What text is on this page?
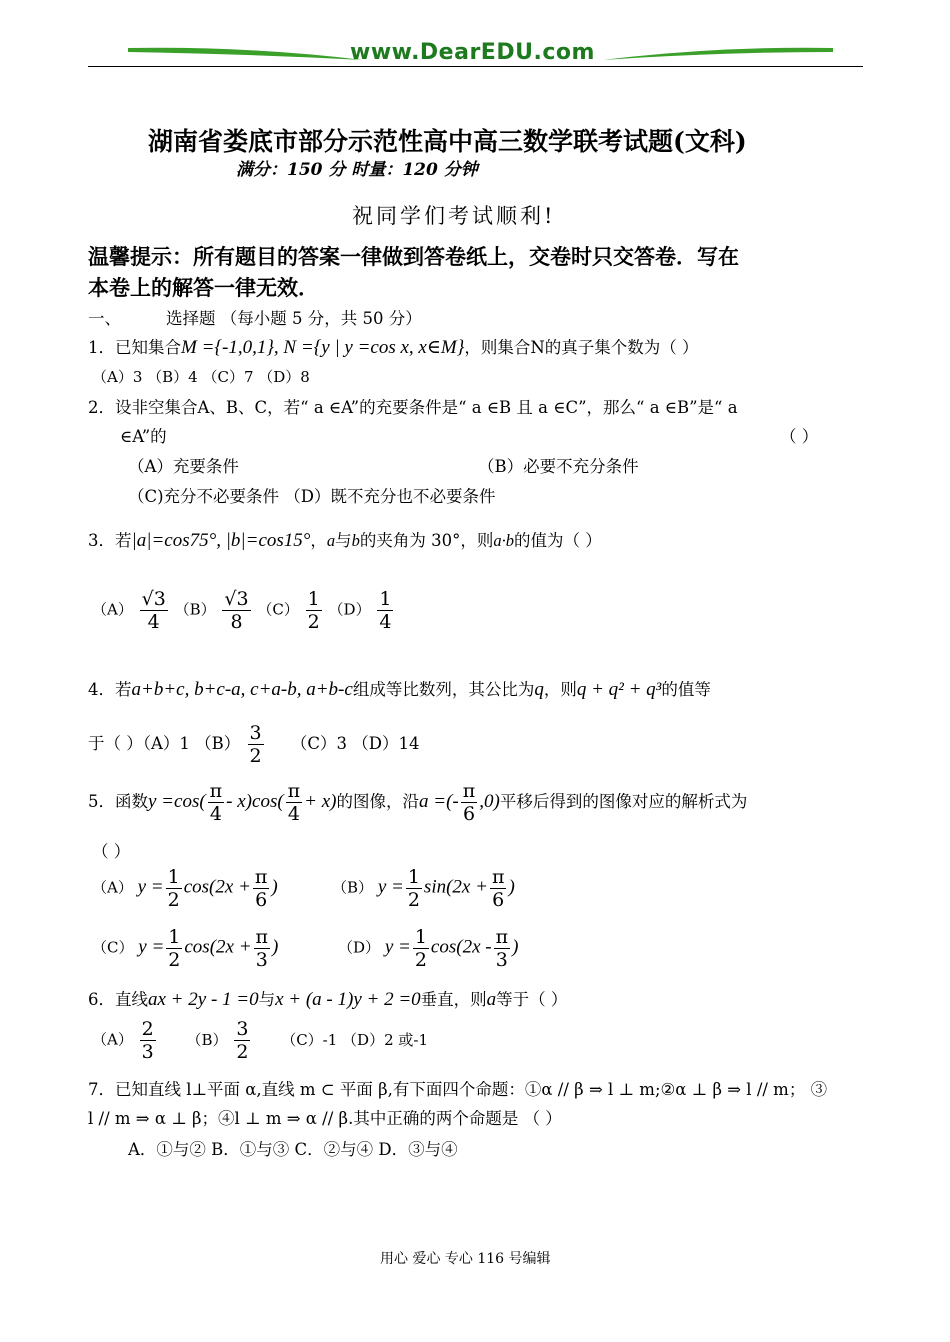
www.DearEDU.com
湖南省娄底市部分示范性高中高三数学联考试题(文科)
满分：150 分 时量：120 分钟
祝同学们考试顺利!
温馨提示：所有题目的答案一律做到答卷纸上，交卷时只交答卷．写在
本卷上的解答一律无效．
一、	选择题 （每小题 5 分，共 50 分）
1．已知集合M ={-1,0,1}, N ={y | y =cos x, x∈M}，则集合N的真子集个数为（ ）
（A）3 （B）4 （C）7 （D）8
2．设非空集合A、B、C，若“ a ∈A”的充要条件是“ a ∈B 且 a ∈C”，那么“ a ∈B”是“ a
∈A”的	（ ）
（A）充要条件	（B）必要不充分条件
（C)充分不必要条件 （D）既不充分也不必要条件
3．若|a|=cos75°, |b|=cos15°，a与b的夹角为 30°，则a·b的值为（ ）
$(A) \frac{√3}{4} (B) \frac{√3}{8} (C) \frac{1}{2} (D) \frac{1}{4}$
4．若a+b+c, b+c-a, c+a-b, a+b-c组成等比数列，其公比为q，则q + q² + q³的值等
于（ ）（A）1 $(B) \frac{3}{2} (C)3$ （D）14
5．函数$y =\cos( \frac{\pi}{4} - x)\cos( \frac{\pi}{4} + x)$的图像，沿a =(- $\frac{\pi}{6} ,0$)平移后得到的图像对应的解析式为
（ ）
（A） $y = \frac{1}{2} \cos(2x + \frac{\pi}{6}$ )	（B） $y = \frac{1}{2} \sin(2x + \frac{\pi}{6}$ )
（C） $y = \frac{1}{2} \cos(2x + \frac{\pi}{3}$ )	（D） $y = \frac{1}{2} \cos(2x - \frac{\pi}{3}$ )
6．直线ax + 2y - 1 =0与x + (a - 1)y + 2 =0垂直，则a等于（ ）
$(A) \frac{2}{3} (B) \frac{3}{2} (C)-1$ （D）2 或-1
7．已知直线 l⊥平面 α,直线 m ⊂ 平面 β,有下面四个命题：①α // β ⇒ l ⊥ m;②α ⊥ β ⇒ l // m； ③
l // m ⇒ α ⊥ β；④l ⊥ m ⇒ α // β.其中正确的两个命题是 （ ）
A．①与② B．①与③ C．②与④ D．③与④
用心 爱心 专心 116 号编辑
